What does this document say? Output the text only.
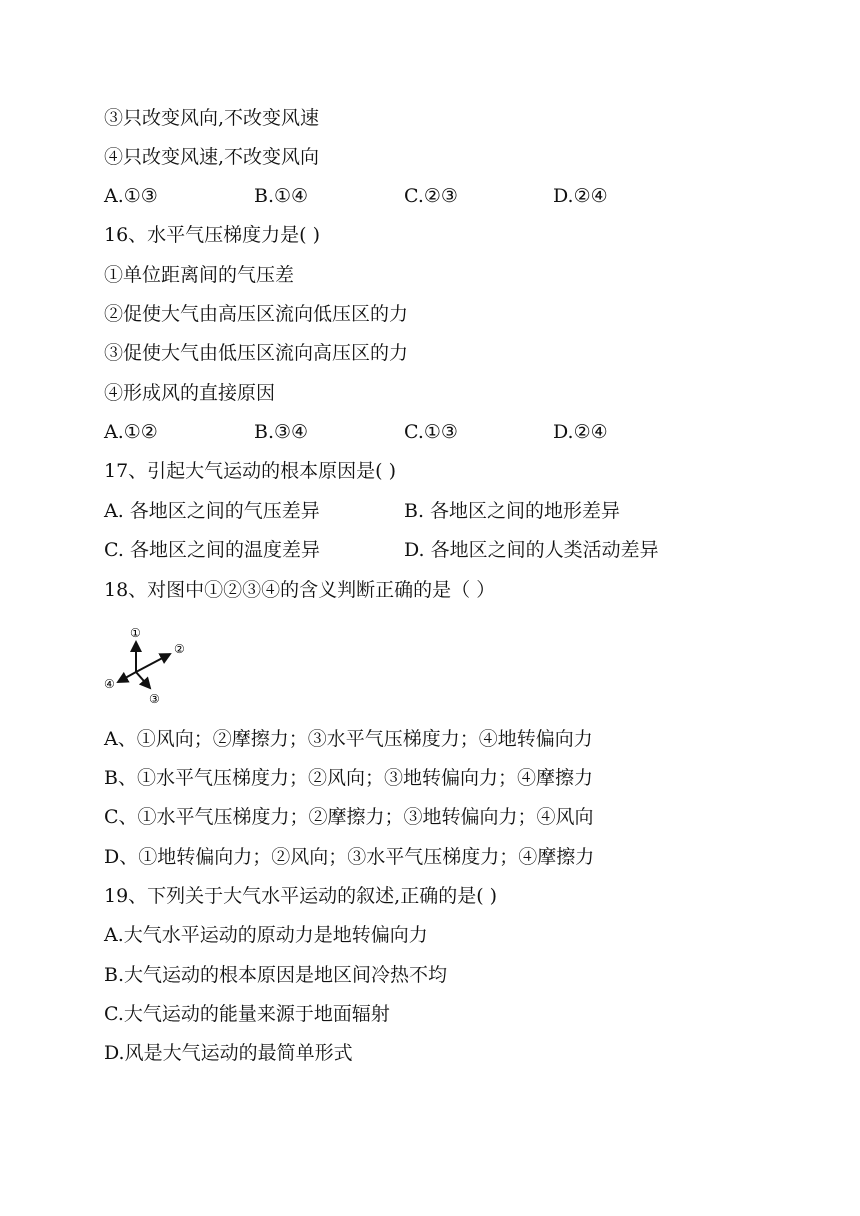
③只改变风向,不改变风速
④只改变风速,不改变风向
A.①③	B.①④	C.②③	D.②④
16、水平气压梯度力是( )
①单位距离间的气压差
②促使大气由高压区流向低压区的力
③促使大气由低压区流向高压区的力
④形成风的直接原因
A.①②	B.③④	C.①③	D.②④
17、引起大气运动的根本原因是( )
A. 各地区之间的气压差异	B. 各地区之间的地形差异
C. 各地区之间的温度差异	D. 各地区之间的人类活动差异
18、对图中①②③④的含义判断正确的是（ ）
①
②
③
④
A、①风向；②摩擦力；③水平气压梯度力；④地转偏向力
B、①水平气压梯度力；②风向；③地转偏向力；④摩擦力
C、①水平气压梯度力；②摩擦力；③地转偏向力；④风向
D、①地转偏向力；②风向；③水平气压梯度力；④摩擦力
19、下列关于大气水平运动的叙述,正确的是( )
A.大气水平运动的原动力是地转偏向力
B.大气运动的根本原因是地区间冷热不均
C.大气运动的能量来源于地面辐射
D.风是大气运动的最简单形式
